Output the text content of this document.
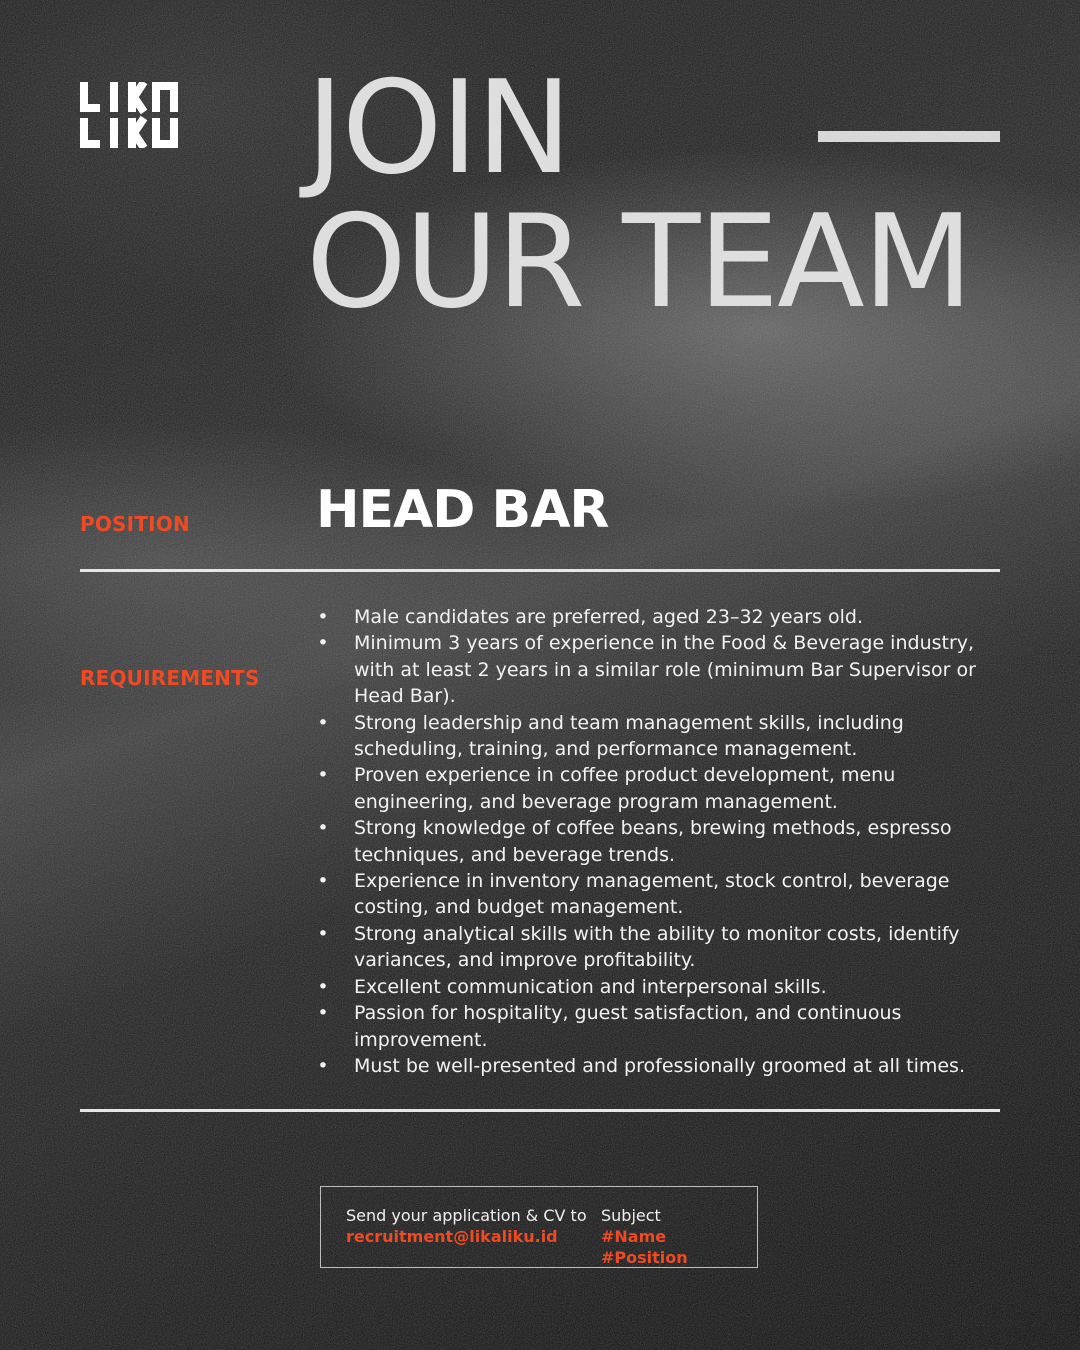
JOIN
OUR TEAM
POSITION HEAD BAR
REQUIREMENTS
• Male candidates are preferred, aged 23–32 years old.
• Minimum 3 years of experience in the Food & Beverage industry, with at least 2 years in a similar role (minimum Bar Supervisor or Head Bar).
• Strong leadership and team management skills, including scheduling, training, and performance management.
• Proven experience in coffee product development, menu engineering, and beverage program management.
• Strong knowledge of coffee beans, brewing methods, espresso techniques, and beverage trends.
• Experience in inventory management, stock control, beverage costing, and budget management.
• Strong analytical skills with the ability to monitor costs, identify variances, and improve profitability.
• Excellent communication and interpersonal skills.
• Passion for hospitality, guest satisfaction, and continuous improvement.
• Must be well-presented and professionally groomed at all times.
Send your application & CV to
recruitment@likaliku.id
Subject
#Name #Position
